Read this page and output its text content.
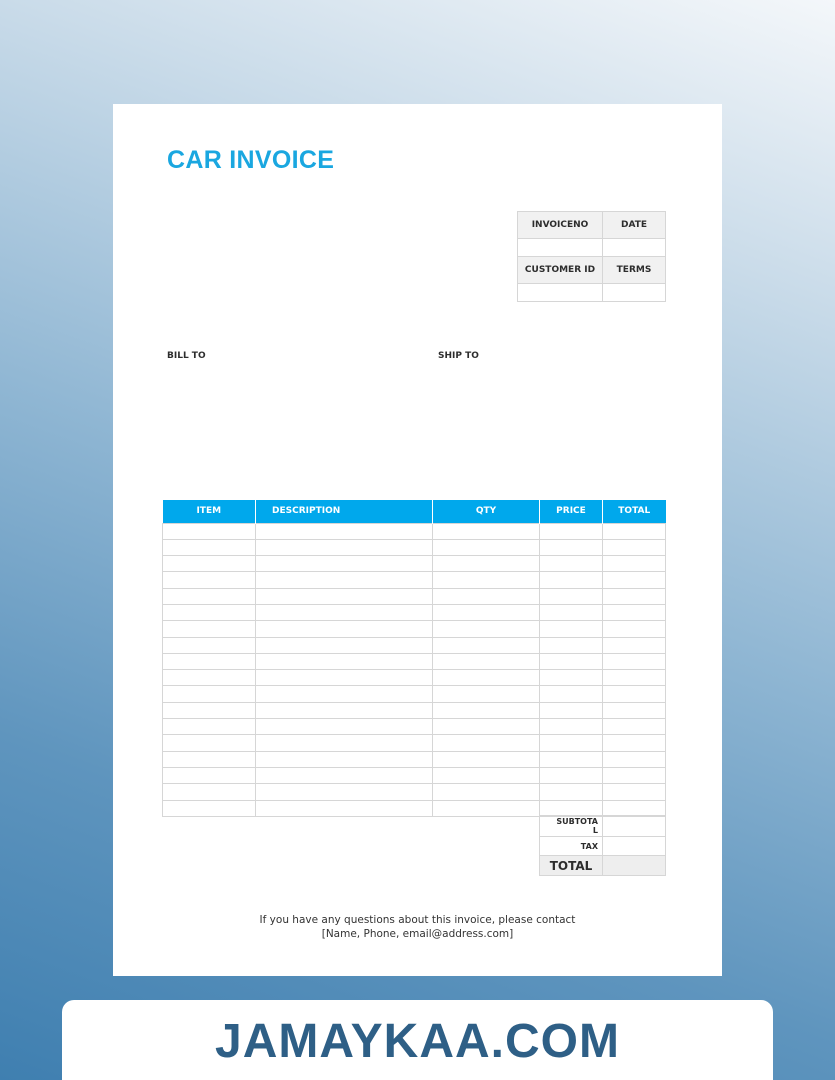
CAR INVOICE
INVOICENO	DATE

CUSTOMER ID	TERMS

BILL TO	SHIP TO
ITEM	DESCRIPTION	QTY	PRICE	TOTAL

SUBTOTA
L	
TAX	
TOTAL	
If you have any questions about this invoice, please contact
[Name, Phone, email@address.com]
JAMAYKAA.COM
